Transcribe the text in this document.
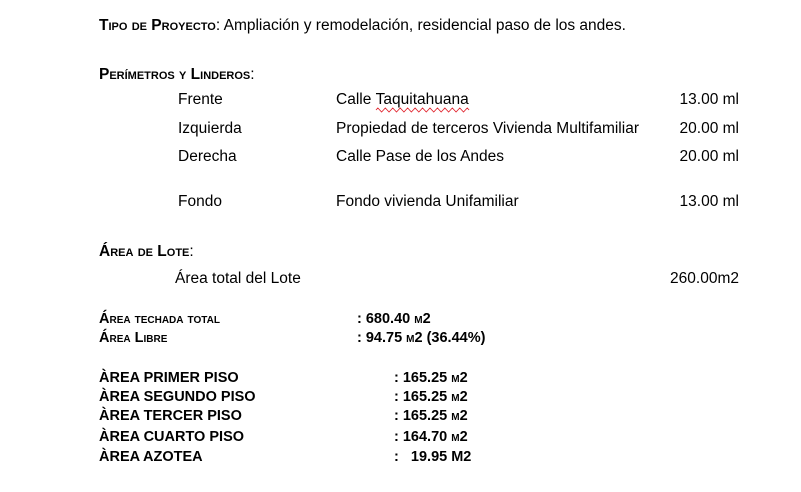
Tipo de Proyecto: Ampliación y remodelación, residencial paso de los andes.

Perímetros y Linderos:

Frente	Calle Taquitahuana	13.00 ml

Izquierda	Propiedad de terceros Vivienda Multifamiliar	20.00 ml

Derecha	Calle Pase de los Andes	20.00 ml

Fondo	Fondo vivienda Unifamiliar	13.00 ml

Área de Lote:

Área total del Lote	260.00m2

Área techada total	: 680.40 m2

Área Libre	: 94.75 m2 (36.44%)

ÀREA PRIMER PISO	: 165.25 m2

ÀREA SEGUNDO PISO	: 165.25 m2

ÀREA TERCER PISO	: 165.25 m2

ÀREA CUARTO PISO	: 164.70 m2

ÀREA AZOTEA	:   19.95 M2
